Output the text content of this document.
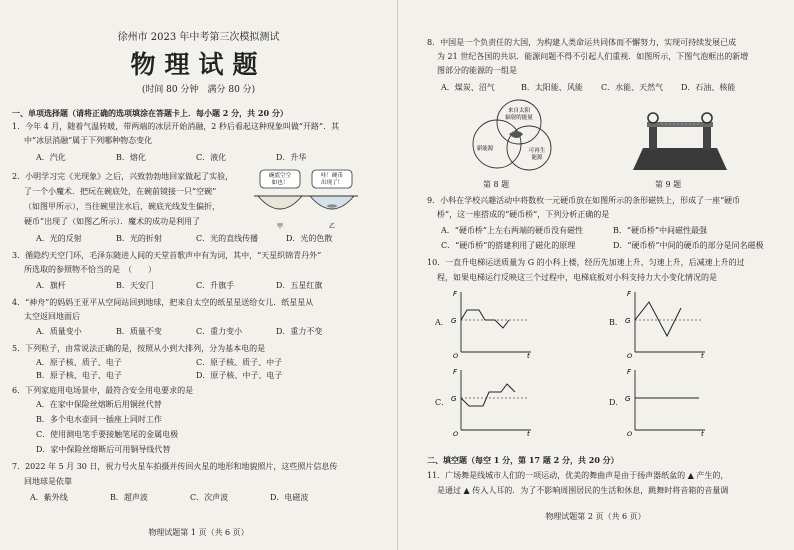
徐州市 2023 年中考第三次模拟测试
物理试题
(时间 80 分钟　满分 80 分)
一、单项选择题（请将正确的选项填涂在答题卡上．每小题 2 分，共 20 分）
1．今年 4 月，随着气温转暖，带两端的冰层开始消融，2 秒后看起这种现象叫做“开路”．其
中“冰层消融”属于下列哪种物态变化
A．汽化	B．熔化	C．液化	D．升华
2．小明学习完《光现象》之后，兴致勃勃地回家做起了实验，
了一个小魔术．把玩在碗底处，在碗前镜接一只“空碗”
（如图甲所示），当往碗里注水后，碗底光线发生偏折，
硬币”出现了（如图乙所示）．魔术的成功是利用了
A．光的反射	B．光的折射	C．光的直线传播	D．光的色散
碗底空空
如也！
哇！硬币
出现了！
甲	乙
3．循隐约天空门环，毛泽东随进人间的天堂首歌声中有为词，其中，“天星织锦青丹外”
所选取的参照物不恰当的是　（　　）
A．旗杆	B．天安门	C．升旗手	D．五星红旗
4．“神舟”的妈妈王亚平从空间站回到地球，把来自太空的纸星星送给女儿．纸星星从
太空返回地面后
A．质量变小	B．质量不变	C．重力变小	D．重力不变
5．下列粒子，由常说法正确的是，按照从小到大排列，分为基本电的是
A．原子核、质子、电子	C．原子核、质子、中子
B．原子核、电子、电子	D．原子核、中子、电子
6．下列家庭用电场景中，最符合安全用电要求的是
A．在家中保险丝熔断后用铜丝代替
B．多个电水壶同一插座上同时工作
C．使用测电笔手要接触笔尾的金属电极
D．家中保险丝熔断后可用铜导线代替
7．2022 年 5 月 30 日，祝力号火星车拍摄并传回火星的地形和地貌照片，这些照片信息传
回地球是依靠
A．紫外线	B．超声波	C．次声波	D．电磁波
物理试题第 1 页（共 6 页）
8．中国是一个负责任的大国，为构建人类命运共同体而不懈努力，实现可持续发展已成
为 21 世纪各国的共识．能源问题不得不引起人们重视．如图所示，下图气泡框出的新增
图部分的能源的一组是
A．煤炭、沼气	B．太阳能、风能 C．水能、天然气 D．石油、核能
来自太阳
辐射的能量
新能源	可再生
能源
第 8 题	第 9 题
9．小科在学校兴趣活动中将数枚一元硬币放在如图所示的条形磁铁上，形成了一座“硬币
桥”，这一座搭成的“硬币桥”，下列分析正确的是
A．“硬币桥”上左右两端的硬币没有磁性	B．“硬币桥”中间磁性最强
C．“硬币桥”的搭建利用了磁化的原理	D．“硬币桥”中间的硬币的部分是同名磁极
10．一直升电梯运送质量为 G 的小科上楼，经历先加速上升、匀速上升，后减速上升的过
程，如果电梯运行反映这三个过程中，电梯底板对小科支持力大小变化情况的是
A．
F
G
O	t
B．
F
G
O	t
C．
F
G
O	t
D．
F
G
O	t
二、填空题（每空 1 分，第 17 题 2 分，共 20 分）
11．广场舞是线城市人们的一项运动，优美的舞曲声是由于扬声器纸盆的 ▲ 产生的，
是通过 ▲ 传入人耳的．为了不影响周围居民的生活和休息，跳舞时将音箱的音量调
物理试题第 2 页（共 6 页）
